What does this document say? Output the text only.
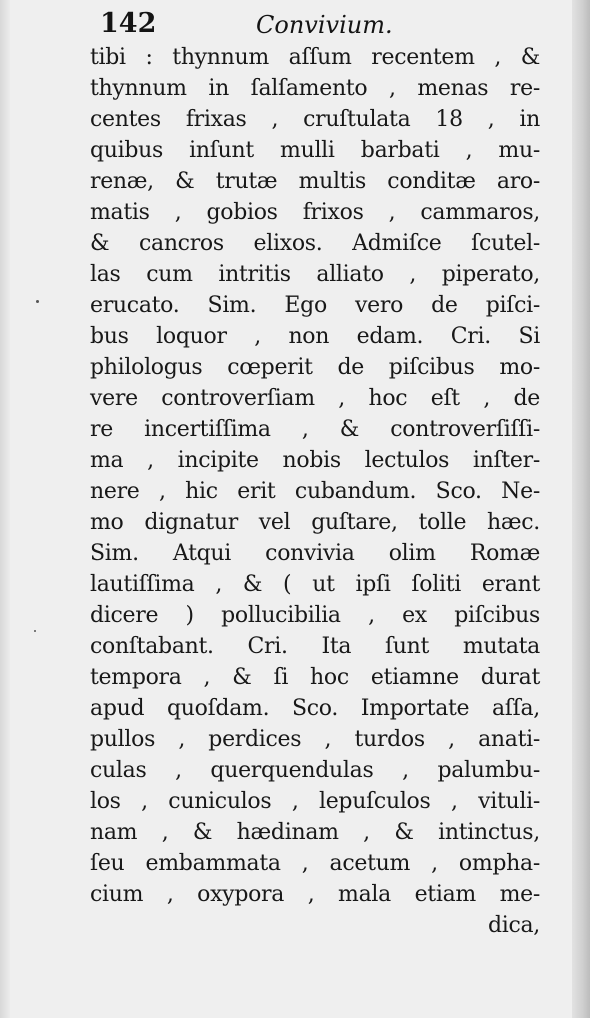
142	Convivium.
tibi : thynnum aſſum recentem , &
thynnum in ſalſamento , menas re-
centes frixas , cruſtulata 18 , in
quibus inſunt mulli barbati , mu-
renæ, & trutæ multis conditæ aro-
matis , gobios frixos , cammaros,
& cancros elixos. Admiſce ſcutel-
las cum intritis alliato , piperato,
erucato. Sim. Ego vero de piſci-
bus loquor , non edam. Cri. Si
philologus cœperit de piſcibus mo-
vere controverſiam , hoc eſt , de
re incertiſſima , & controverſiſſi-
ma , incipite nobis lectulos inſter-
nere , hic erit cubandum. Sco. Ne-
mo dignatur vel guſtare, tolle hæc.
Sim. Atqui convivia olim Romæ
lautiſſima , & ( ut ipſi ſoliti erant
dicere ) pollucibilia , ex piſcibus
conſtabant. Cri. Ita ſunt mutata
tempora , & ſi hoc etiamne durat
apud quoſdam. Sco. Importate aſſa,
pullos , perdices , turdos , anati-
culas , querquendulas , palumbu-
los , cuniculos , lepuſculos , vituli-
nam , & hædinam , & intinctus,
ſeu embammata , acetum , ompha-
cium , oxypora , mala etiam me-
dica,
